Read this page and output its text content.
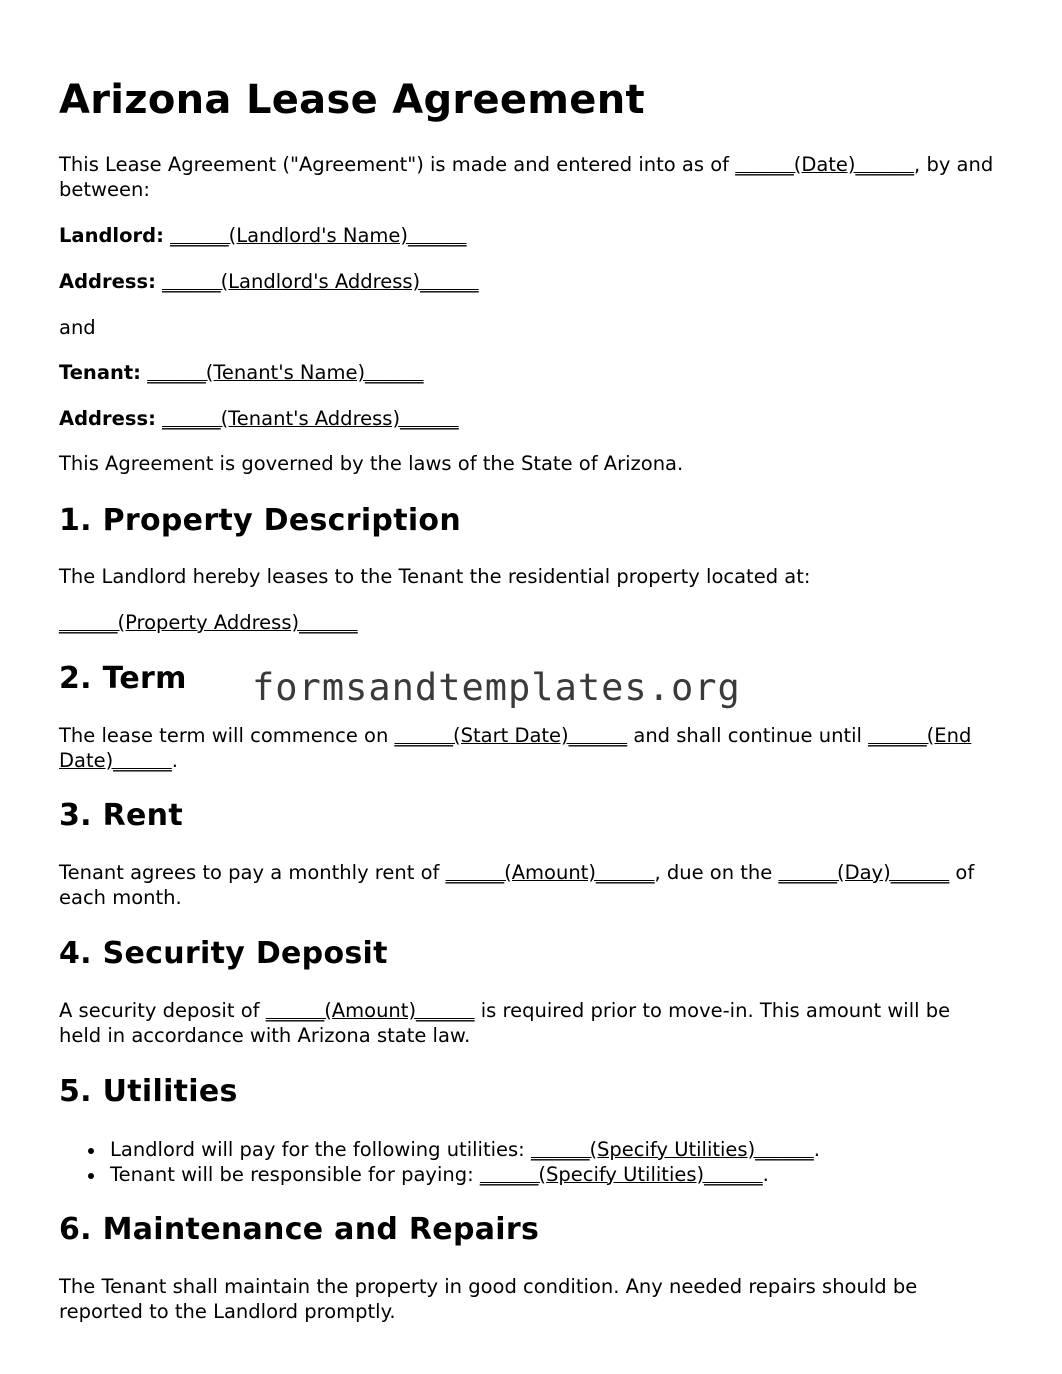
Arizona Lease Agreement

This Lease Agreement ("Agreement") is made and entered into as of ______(Date)______, by and between:

Landlord: ______(Landlord's Name)______

Address: ______(Landlord's Address)______

and

Tenant: ______(Tenant's Name)______

Address: ______(Tenant's Address)______

This Agreement is governed by the laws of the State of Arizona.

1. Property Description

The Landlord hereby leases to the Tenant the residential property located at:

______(Property Address)______

2. Term

The lease term will commence on ______(Start Date)______ and shall continue until ______(End Date)______.

3. Rent

Tenant agrees to pay a monthly rent of ______(Amount)______, due on the ______(Day)______ of each month.

4. Security Deposit

A security deposit of ______(Amount)______ is required prior to move-in. This amount will be held in accordance with Arizona state law.

5. Utilities
Landlord will pay for the following utilities: ______(Specify Utilities)______.
Tenant will be responsible for paying: ______(Specify Utilities)______.
6. Maintenance and Repairs

The Tenant shall maintain the property in good condition. Any needed repairs should be reported to the Landlord promptly.

formsandtemplates.org
